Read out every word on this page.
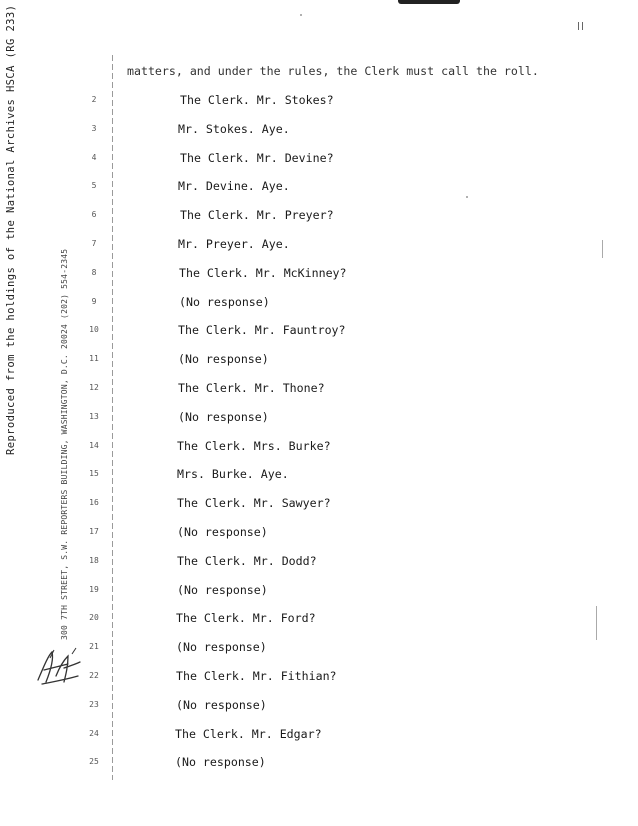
Reproduced from the holdings of the National Archives HSCA (RG 233)	300 7TH STREET, S.W. REPORTERS BUILDING, WASHINGTON, D.C. 20024 (202) 554-2345
matters, and under the rules, the Clerk must call the roll.
2	The Clerk. Mr. Stokes?
3	Mr. Stokes. Aye.
4	The Clerk. Mr. Devine?
5	Mr. Devine. Aye.
6	The Clerk. Mr. Preyer?
7	Mr. Preyer. Aye.
8	The Clerk. Mr. McKinney?
9	(No response)
10	The Clerk. Mr. Fauntroy?
11	(No response)
12	The Clerk. Mr. Thone?
13	(No response)
14	The Clerk. Mrs. Burke?
15	Mrs. Burke. Aye.
16	The Clerk. Mr. Sawyer?
17	(No response)
18	The Clerk. Mr. Dodd?
19	(No response)
20	The Clerk. Mr. Ford?
21	(No response)
22	The Clerk. Mr. Fithian?
23	(No response)
24	The Clerk. Mr. Edgar?
25	(No response)
